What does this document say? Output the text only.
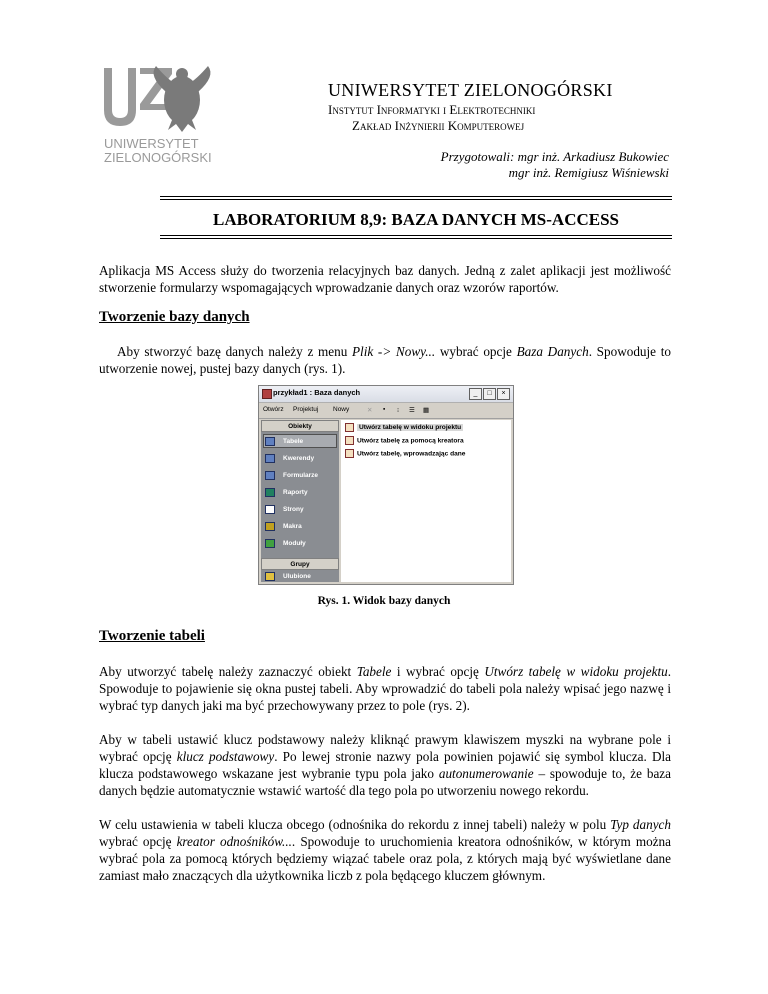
UNIWERSYTET
ZIELONOGÓRSKI
UNIWERSYTET ZIELONOGÓRSKI
Instytut Informatyki i Elektrotechniki
Zakład Inżynierii Komputerowej
Przygotowali: mgr inż. Arkadiusz Bukowiec
mgr inż. Remigiusz Wiśniewski
LABORATORIUM 8,9: BAZA DANYCH MS-ACCESS

Aplikacja MS Access służy do tworzenia relacyjnych baz danych. Jedną z zalet aplikacji jest możliwość stworzenie formularzy wspomagających wprowadzanie danych oraz wzorów raportów.

Tworzenie bazy danych

Aby stworzyć bazę danych należy z menu Plik -> Nowy... wybrać opcje Baza Danych. Spowoduje to utworzenie nowej, pustej bazy danych (rys. 1).

przykład1 : Baza danych	_	□	×
Otwórz Projektuj Nowy	✕ ▪ ⁝ ☰ ▦
Obiekty
Tabele
Kwerendy
Formularze
Raporty
Strony
Makra
Moduły
Grupy
Ulubione
Utwórz tabelę w widoku projektu
Utwórz tabelę za pomocą kreatora
Utwórz tabelę, wprowadzając dane
Rys. 1. Widok bazy danych
Tworzenie tabeli

Aby utworzyć tabelę należy zaznaczyć obiekt Tabele i wybrać opcję Utwórz tabelę w widoku projektu. Spowoduje to pojawienie się okna pustej tabeli. Aby wprowadzić do tabeli pola należy wpisać jego nazwę i wybrać typ danych jaki ma być przechowywany przez to pole (rys. 2).

Aby w tabeli ustawić klucz podstawowy należy kliknąć prawym klawiszem myszki na wybrane pole i wybrać opcję klucz podstawowy. Po lewej stronie nazwy pola powinien pojawić się symbol klucza. Dla klucza podstawowego wskazane jest wybranie typu pola jako autonumerowanie – spowoduje to, że baza danych będzie automatycznie wstawić wartość dla tego pola po utworzeniu nowego rekordu.

W celu ustawienia w tabeli klucza obcego (odnośnika do rekordu z innej tabeli) należy w polu Typ danych wybrać opcję kreator odnośników.... Spowoduje to uruchomienia kreatora odnośników, w którym można wybrać pola za pomocą których będziemy wiązać tabele oraz pola, z których mają być wyświetlane dane zamiast mało znaczących dla użytkownika liczb z pola będącego kluczem głównym.
